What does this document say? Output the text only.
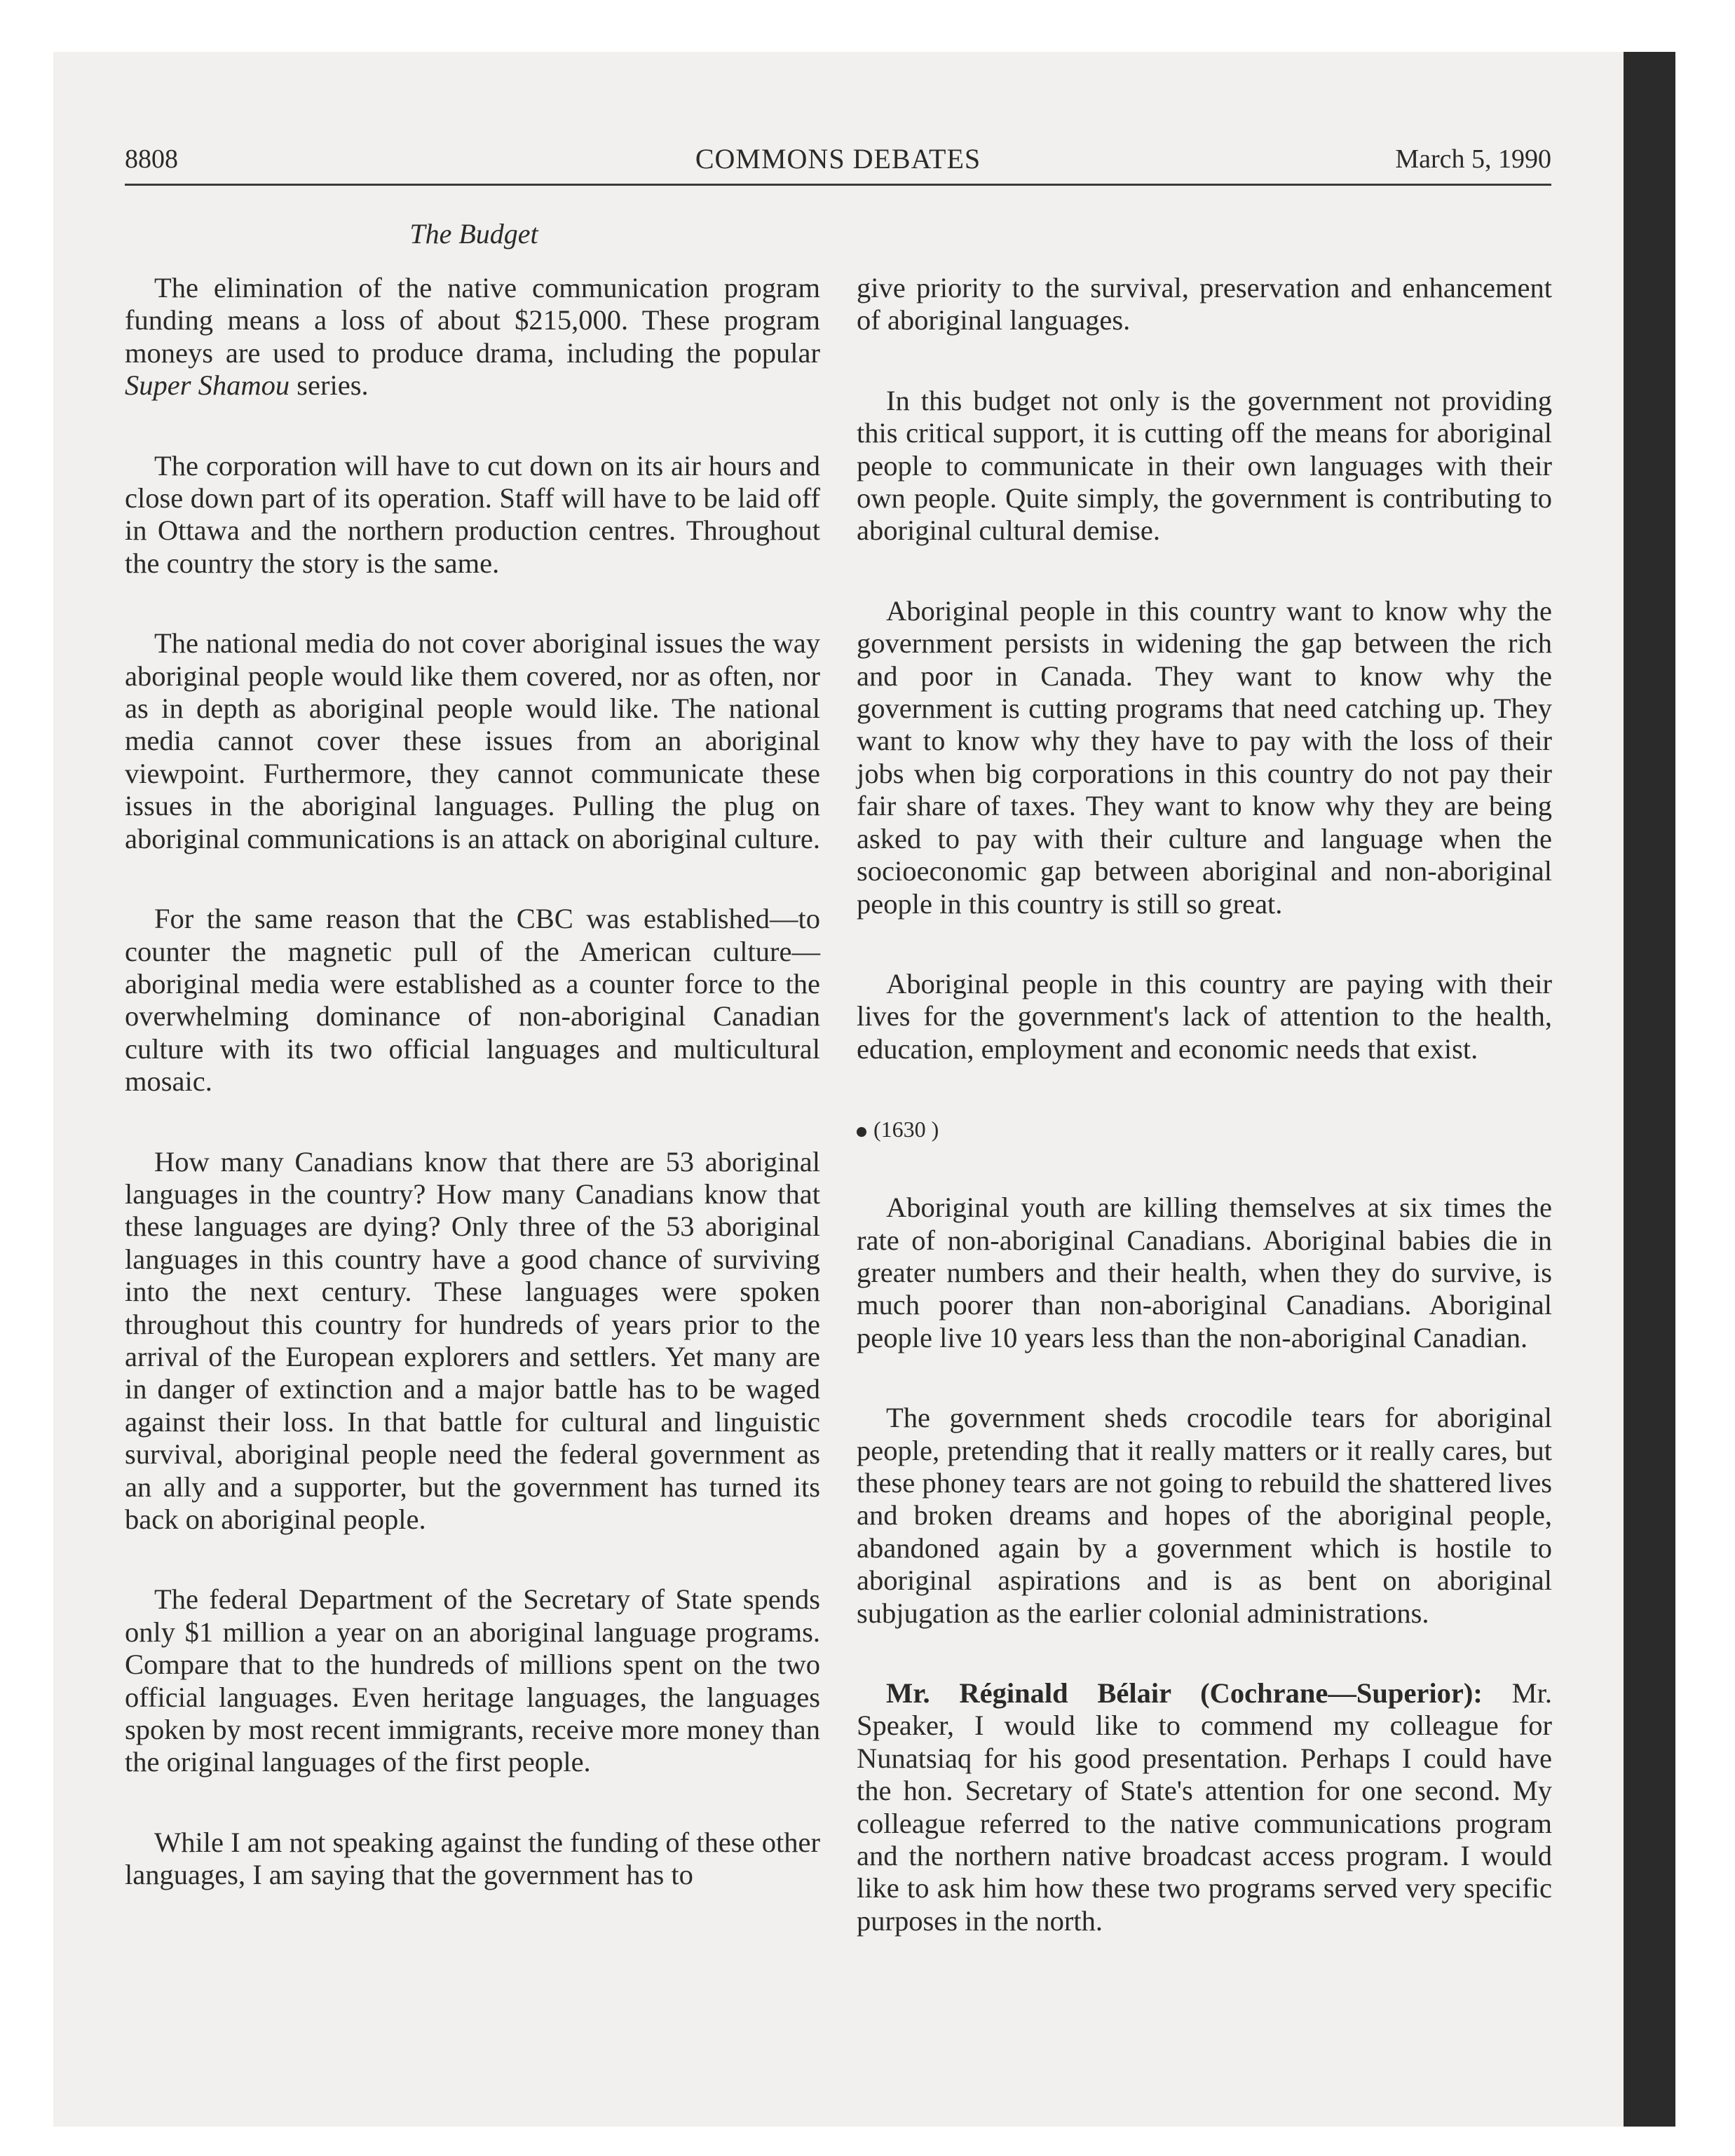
8808	COMMONS DEBATES	March 5, 1990
The Budget

The elimination of the native communication program funding means a loss of about $215,000. These program moneys are used to produce drama, including the popular Super Shamou series.

The corporation will have to cut down on its air hours and close down part of its operation. Staff will have to be laid off in Ottawa and the northern production centres. Throughout the country the story is the same.

The national media do not cover aboriginal issues the way aboriginal people would like them covered, nor as often, nor as in depth as aboriginal people would like. The national media cannot cover these issues from an aboriginal viewpoint. Furthermore, they cannot communicate these issues in the aboriginal languages. Pulling the plug on aboriginal communications is an attack on aboriginal culture.

For the same reason that the CBC was established—to counter the magnetic pull of the American culture—aboriginal media were established as a counter force to the overwhelming dominance of non-aboriginal Canadian culture with its two official languages and multicultural mosaic.

How many Canadians know that there are 53 aboriginal languages in the country? How many Canadians know that these languages are dying? Only three of the 53 aboriginal languages in this country have a good chance of surviving into the next century. These languages were spoken throughout this country for hundreds of years prior to the arrival of the European explorers and settlers. Yet many are in danger of extinction and a major battle has to be waged against their loss. In that battle for cultural and linguistic survival, aboriginal people need the federal government as an ally and a supporter, but the government has turned its back on aboriginal people.

The federal Department of the Secretary of State spends only $1 million a year on an aboriginal language programs. Compare that to the hundreds of millions spent on the two official languages. Even heritage languages, the languages spoken by most recent immigrants, receive more money than the original languages of the first people.

While I am not speaking against the funding of these other languages, I am saying that the government has to

give priority to the survival, preservation and enhancement of aboriginal languages.

In this budget not only is the government not providing this critical support, it is cutting off the means for aboriginal people to communicate in their own languages with their own people. Quite simply, the government is contributing to aboriginal cultural demise.

Aboriginal people in this country want to know why the government persists in widening the gap between the rich and poor in Canada. They want to know why the government is cutting programs that need catching up. They want to know why they have to pay with the loss of their jobs when big corporations in this country do not pay their fair share of taxes. They want to know why they are being asked to pay with their culture and language when the socioeconomic gap between aboriginal and non-aboriginal people in this country is still so great.

Aboriginal people in this country are paying with their lives for the government's lack of attention to the health, education, employment and economic needs that exist.

(1630 )

Aboriginal youth are killing themselves at six times the rate of non-aboriginal Canadians. Aboriginal babies die in greater numbers and their health, when they do survive, is much poorer than non-aboriginal Canadians. Aboriginal people live 10 years less than the non-aboriginal Canadian.

The government sheds crocodile tears for aboriginal people, pretending that it really matters or it really cares, but these phoney tears are not going to rebuild the shattered lives and broken dreams and hopes of the aboriginal people, abandoned again by a government which is hostile to aboriginal aspirations and is as bent on aboriginal subjugation as the earlier colonial administrations.

Mr. Réginald Bélair (Cochrane—Superior): Mr. Speaker, I would like to commend my colleague for Nunatsiaq for his good presentation. Perhaps I could have the hon. Secretary of State's attention for one second. My colleague referred to the native communications program and the northern native broadcast access program. I would like to ask him how these two programs served very specific purposes in the north.
